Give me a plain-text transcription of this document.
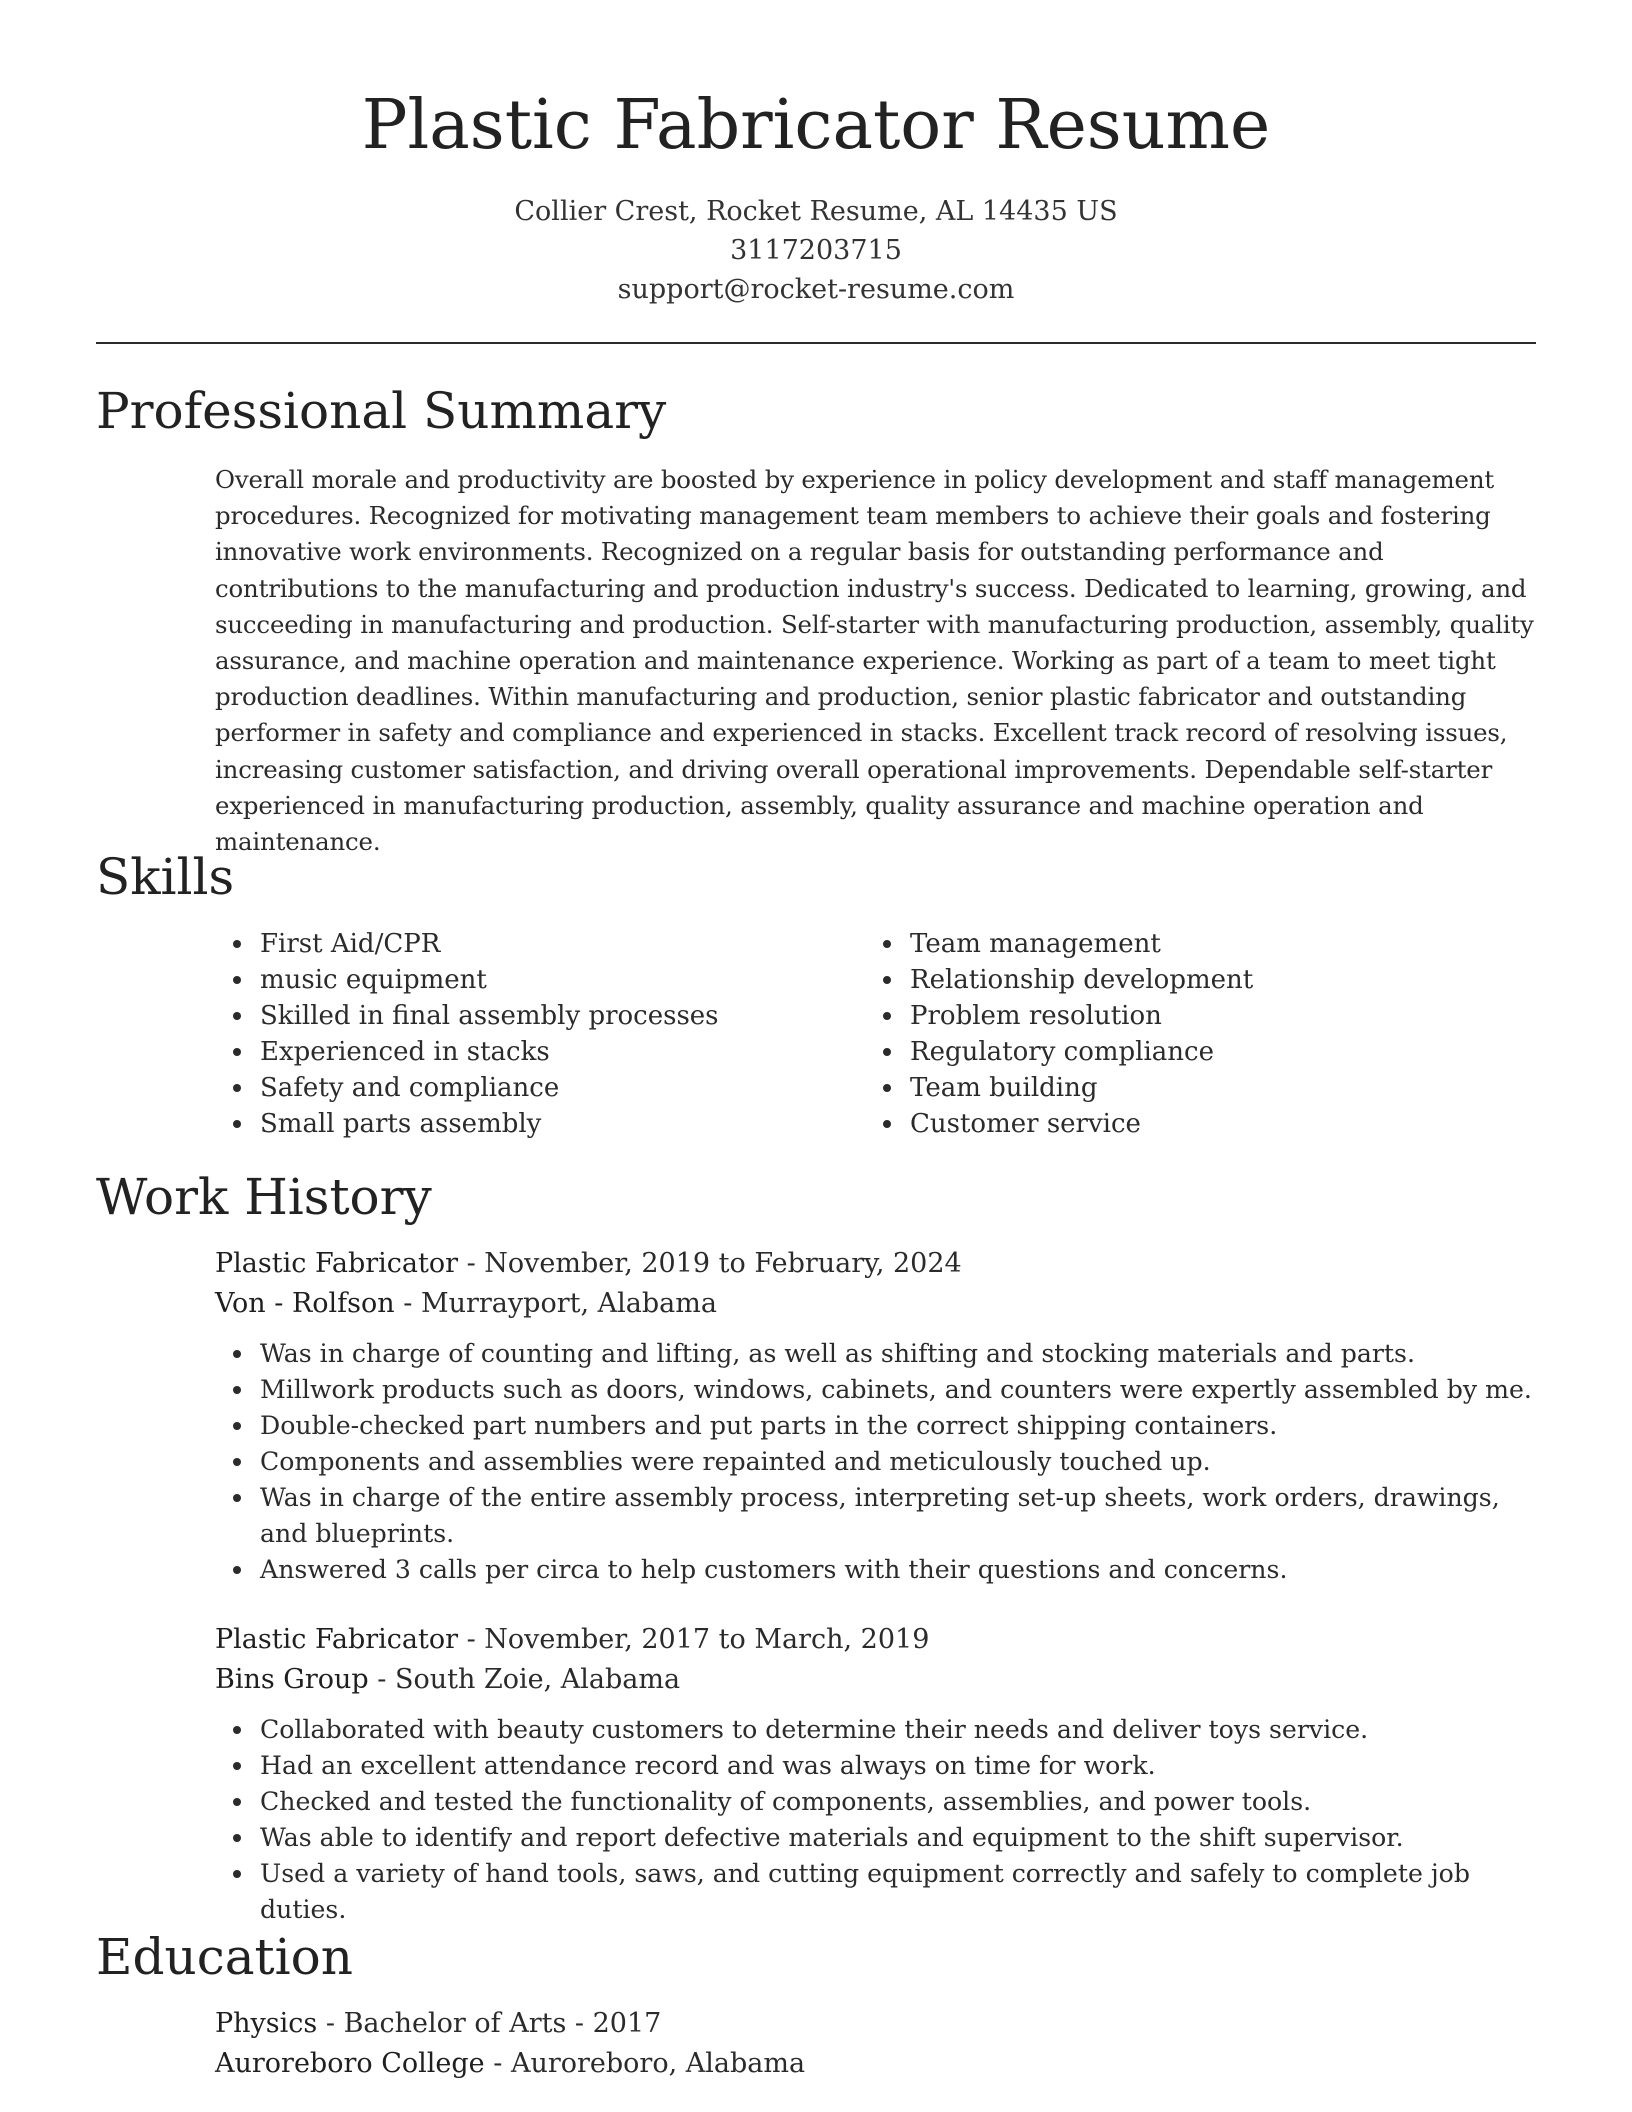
Plastic Fabricator Resume
Collier Crest, Rocket Resume, AL 14435 US
3117203715
support@rocket-resume.com
Professional Summary
Overall morale and productivity are boosted by experience in policy development and staff management procedures. Recognized for motivating management team members to achieve their goals and fostering innovative work environments. Recognized on a regular basis for outstanding performance and contributions to the manufacturing and production industry's success. Dedicated to learning, growing, and succeeding in manufacturing and production. Self-starter with manufacturing production, assembly, quality assurance, and machine operation and maintenance experience. Working as part of a team to meet tight production deadlines. Within manufacturing and production, senior plastic fabricator and outstanding performer in safety and compliance and experienced in stacks. Excellent track record of resolving issues, increasing customer satisfaction, and driving overall operational improvements. Dependable self-starter experienced in manufacturing production, assembly, quality assurance and machine operation and maintenance.
Skills
First Aid/CPR
music equipment
Skilled in final assembly processes
Experienced in stacks
Safety and compliance
Small parts assembly
Team management
Relationship development
Problem resolution
Regulatory compliance
Team building
Customer service
Work History
Plastic Fabricator - November, 2019 to February, 2024
Von - Rolfson - Murrayport, Alabama
Was in charge of counting and lifting, as well as shifting and stocking materials and parts.
Millwork products such as doors, windows, cabinets, and counters were expertly assembled by me.
Double-checked part numbers and put parts in the correct shipping containers.
Components and assemblies were repainted and meticulously touched up.
Was in charge of the entire assembly process, interpreting set-up sheets, work orders, drawings, and blueprints.
Answered 3 calls per circa to help customers with their questions and concerns.
Plastic Fabricator - November, 2017 to March, 2019
Bins Group - South Zoie, Alabama
Collaborated with beauty customers to determine their needs and deliver toys service.
Had an excellent attendance record and was always on time for work.
Checked and tested the functionality of components, assemblies, and power tools.
Was able to identify and report defective materials and equipment to the shift supervisor.
Used a variety of hand tools, saws, and cutting equipment correctly and safely to complete job duties.
Education
Physics - Bachelor of Arts - 2017
Auroreboro College - Auroreboro, Alabama
